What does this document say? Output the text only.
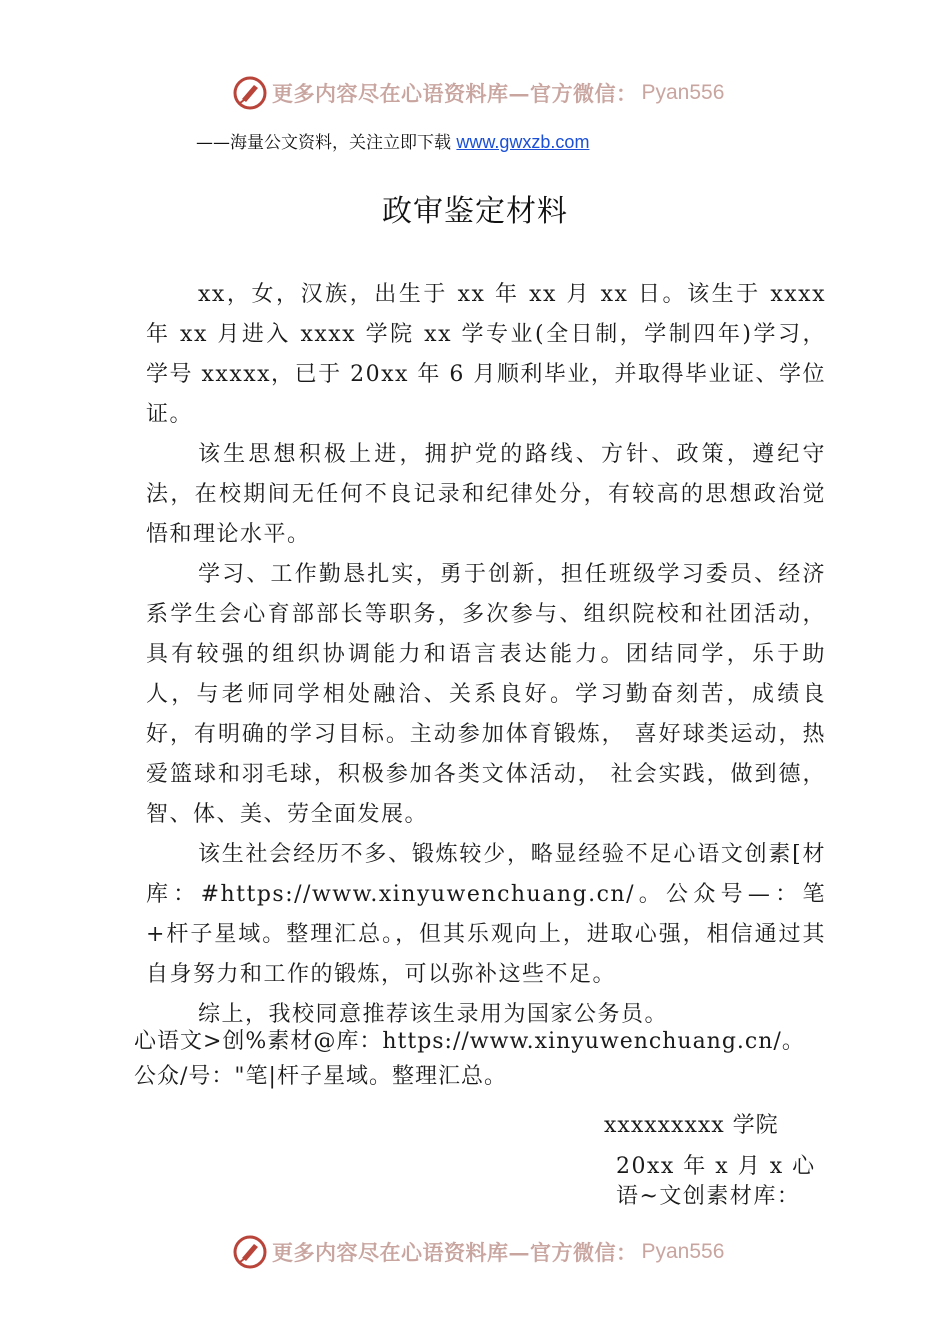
更多内容尽在心语资料库—官方微信： Pyan556
——海量公文资料，关注立即下载 www.gwxzb.com
政审鉴定材料

xx，女，汉族，出生于 xx 年 xx 月 xx 日。该生于 xxxx 年 xx 月进入 xxxx 学院 xx 学专业(全日制，学制四年)学习， 学号 xxxxx，已于 20xx 年 6 月顺利毕业，并取得毕业证、学位证。

该生思想积极上进，拥护党的路线、方针、政策，遵纪守法，在校期间无任何不良记录和纪律处分，有较高的思想政治觉悟和理论水平。

学习、工作勤恳扎实，勇于创新，担任班级学习委员、经济系学生会心育部部长等职务，多次参与、组织院校和社团活动，具有较强的组织协调能力和语言表达能力。团结同学，乐于助人，与老师同学相处融洽、关系良好。学习勤奋刻苦，成绩良好，有明确的学习目标。主动参加体育锻炼， 喜好球类运动，热爱篮球和羽毛球，积极参加各类文体活动， 社会实践，做到德，智、体、美、劳全面发展。

该生社会经历不多、锻炼较少，略显经验不足心语文创素[材库：#https://www.xinyuwenchuang.cn/。公众号—：笔+杆子星域。整理汇总。，但其乐观向上，进取心强，相信通过其自身努力和工作的锻炼，可以弥补这些不足。

综上，我校同意推荐该生录用为国家公务员。

心语文>创%素材@库：https://www.xinyuwenchuang.cn/。公众/号："笔|杆子星域。整理汇总。
xxxxxxxxx 学院
20xx 年 x 月 x 心语~文创素材库：
更多内容尽在心语资料库—官方微信： Pyan556
